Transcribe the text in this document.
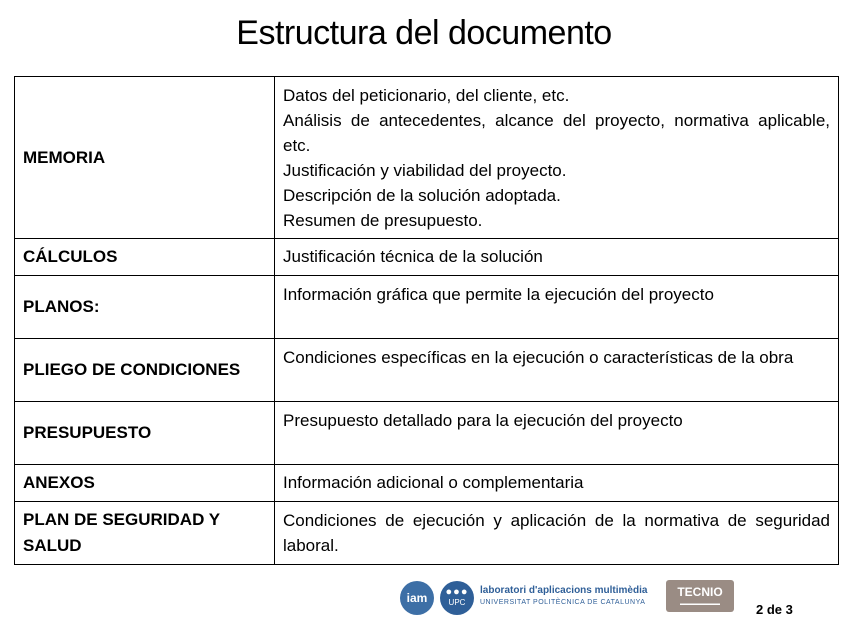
Estructura del documento
MEMORIA	Datos del peticionario, del cliente, etc.
Análisis de antecedentes, alcance del proyecto, normativa aplicable, etc.
Justificación y viabilidad del proyecto.
Descripción de la solución adoptada.
Resumen de presupuesto.

CÁLCULOS	Justificación técnica de la solución

PLANOS:	Información gráfica que permite la ejecución del proyecto

PLIEGO DE CONDICIONES	Condiciones específicas en la ejecución o características de la obra

PRESUPUESTO	Presupuesto detallado para la ejecución del proyecto

ANEXOS	Información adicional o complementaria

PLAN DE SEGURIDAD Y SALUD	Condiciones de ejecución y aplicación de la normativa de seguridad laboral.
iam	●●●
UPC
laboratori d'aplicacions multimèdia
UNIVERSITAT POLITÈCNICA DE CATALUNYA
TECNIO
▬▬▬▬▬▬▬▬	2 de 3
